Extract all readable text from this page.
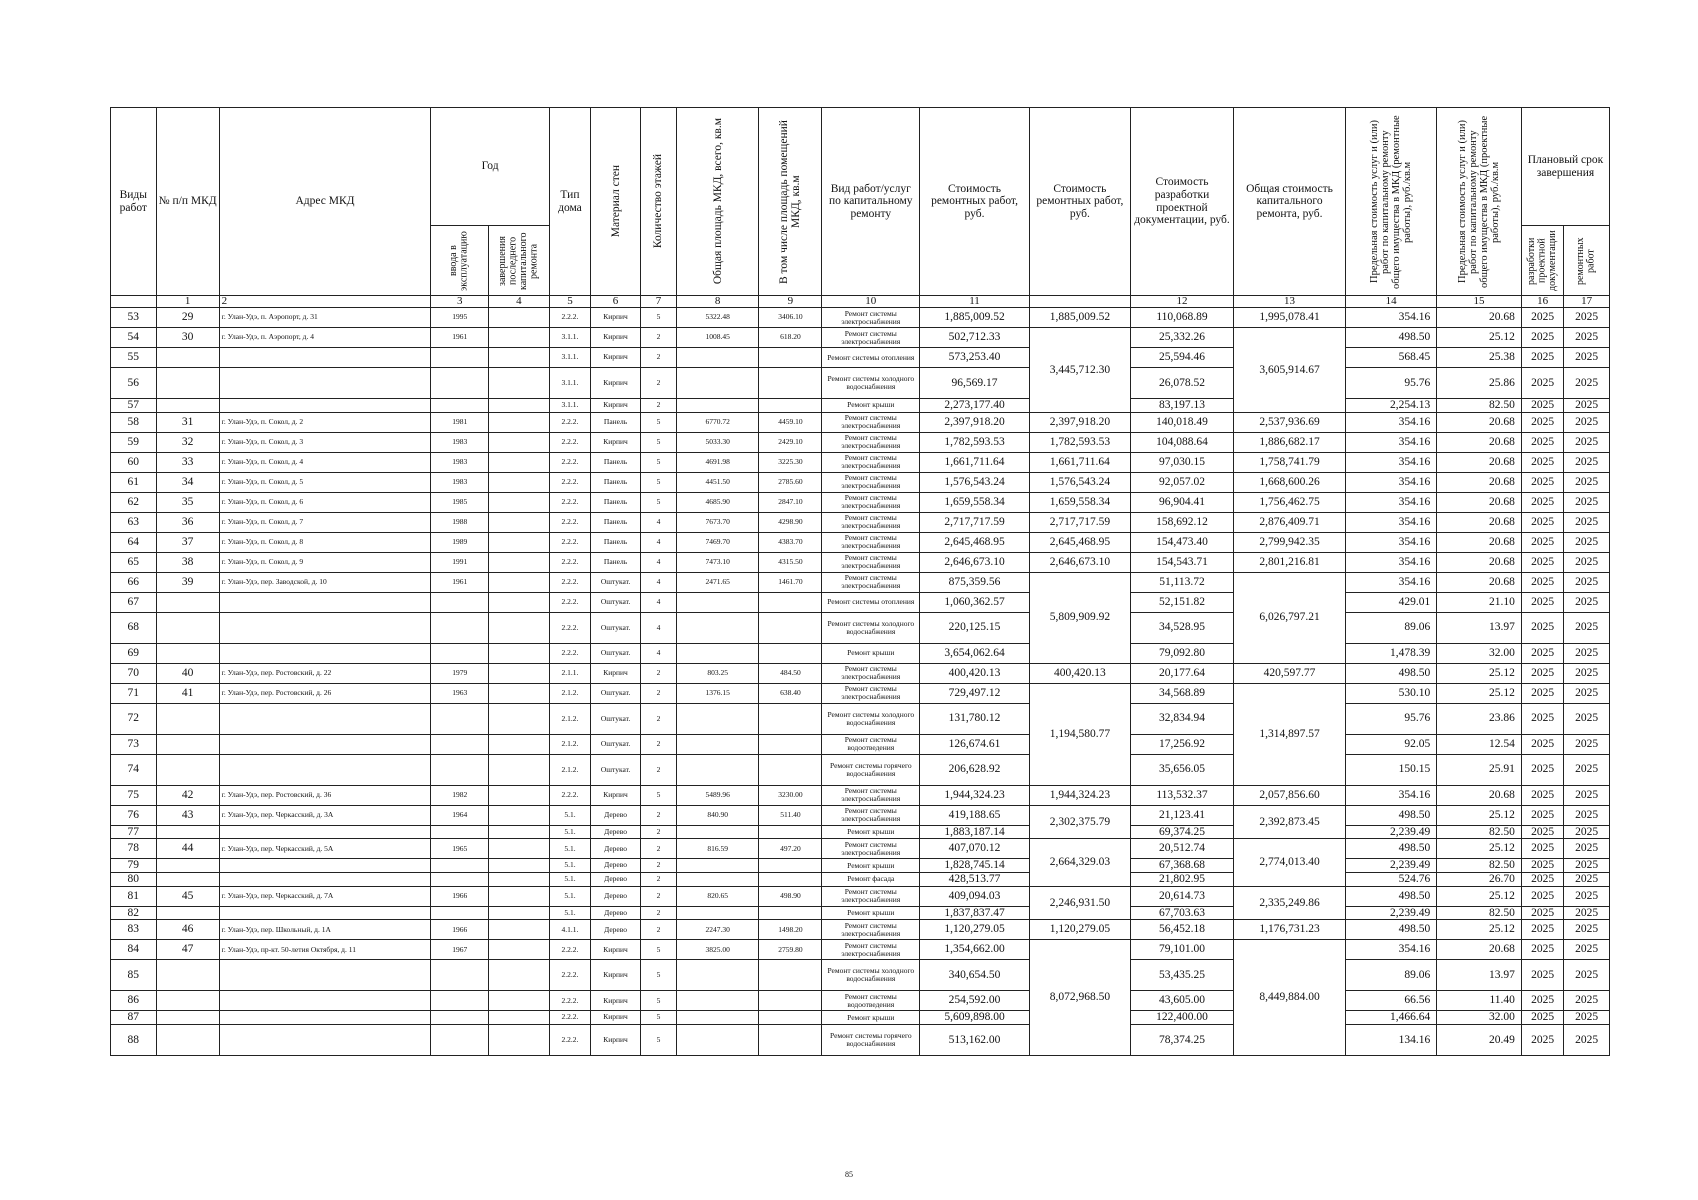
Виды работ	№ п/п МКД	Адрес МКД	Год		Тип дома	Материал стен	Количество этажей	Общая площадь МКД, всего, кв.м	В том числе площадь помещений МКД, кв.м	Вид работ/услуг по капитальному ремонту	Стоимость ремонтных работ, руб.	Стоимость ремонтных работ, руб.	Стоимость разработки проектной документации, руб.	Общая стоимость капитального ремонта, руб.	Предельная стоимость услуг и (или) работ по капитальному ремонту общего имущества в МКД (ремонтные работы), руб./кв.м	Предельная стоимость услуг и (или) работ по капитальному ремонту общего имущества в МКД (проектные работы), руб./кв.м	Плановый срок завершения	

			ввода в эксплуатацию	завершения последнего капитального ремонта													разработки проектной документации	ремонтных работ

	1	2	3	4	5	6	7	8	9	10	11		12	13	14	15	16	17
53	29	г. Улан-Удэ, п. Аэропорт, д. 31	1995		2.2.2.	Кирпич	5	5322.48	3406.10	Ремонт системы электроснабжения	1,885,009.52	1,885,009.52	110,068.89	1,995,078.41	354.16	20.68	2025	2025
54	30	г. Улан-Удэ, п. Аэропорт, д. 4	1961		3.1.1.	Кирпич	2	1008.45	618.20	Ремонт системы электроснабжения	502,712.33	3,445,712.30	25,332.26	3,605,914.67	498.50	25.12	2025	2025
55					3.1.1.	Кирпич	2			Ремонт системы отопления	573,253.40		25,594.46		568.45	25.38	2025	2025
56					3.1.1.	Кирпич	2			Ремонт системы холодного водоснабжения	96,569.17		26,078.52		95.76	25.86	2025	2025
57					3.1.1.	Кирпич	2			Ремонт крыши	2,273,177.40		83,197.13		2,254.13	82.50	2025	2025
58	31	г. Улан-Удэ, п. Сокол, д. 2	1981		2.2.2.	Панель	5	6770.72	4459.10	Ремонт системы электроснабжения	2,397,918.20	2,397,918.20	140,018.49	2,537,936.69	354.16	20.68	2025	2025
59	32	г. Улан-Удэ, п. Сокол, д. 3	1983		2.2.2.	Кирпич	5	5033.30	2429.10	Ремонт системы электроснабжения	1,782,593.53	1,782,593.53	104,088.64	1,886,682.17	354.16	20.68	2025	2025
60	33	г. Улан-Удэ, п. Сокол, д. 4	1983		2.2.2.	Панель	5	4691.98	3225.30	Ремонт системы электроснабжения	1,661,711.64	1,661,711.64	97,030.15	1,758,741.79	354.16	20.68	2025	2025
61	34	г. Улан-Удэ, п. Сокол, д. 5	1983		2.2.2.	Панель	5	4451.50	2785.60	Ремонт системы электроснабжения	1,576,543.24	1,576,543.24	92,057.02	1,668,600.26	354.16	20.68	2025	2025
62	35	г. Улан-Удэ, п. Сокол, д. 6	1985		2.2.2.	Панель	5	4685.90	2847.10	Ремонт системы электроснабжения	1,659,558.34	1,659,558.34	96,904.41	1,756,462.75	354.16	20.68	2025	2025
63	36	г. Улан-Удэ, п. Сокол, д. 7	1988		2.2.2.	Панель	4	7673.70	4298.90	Ремонт системы электроснабжения	2,717,717.59	2,717,717.59	158,692.12	2,876,409.71	354.16	20.68	2025	2025
64	37	г. Улан-Удэ, п. Сокол, д. 8	1989		2.2.2.	Панель	4	7469.70	4383.70	Ремонт системы электроснабжения	2,645,468.95	2,645,468.95	154,473.40	2,799,942.35	354.16	20.68	2025	2025
65	38	г. Улан-Удэ, п. Сокол, д. 9	1991		2.2.2.	Панель	4	7473.10	4315.50	Ремонт системы электроснабжения	2,646,673.10	2,646,673.10	154,543.71	2,801,216.81	354.16	20.68	2025	2025
66	39	г. Улан-Удэ, пер. Заводской, д. 10	1961		2.2.2.	Оштукат.	4	2471.65	1461.70	Ремонт системы электроснабжения	875,359.56	5,809,909.92	51,113.72	6,026,797.21	354.16	20.68	2025	2025
67					2.2.2.	Оштукат.	4			Ремонт системы отопления	1,060,362.57		52,151.82		429.01	21.10	2025	2025
68					2.2.2.	Оштукат.	4			Ремонт системы холодного водоснабжения	220,125.15		34,528.95		89.06	13.97	2025	2025
69					2.2.2.	Оштукат.	4			Ремонт крыши	3,654,062.64		79,092.80		1,478.39	32.00	2025	2025
70	40	г. Улан-Удэ, пер. Ростовский, д. 22	1979		2.1.1.	Кирпич	2	803.25	484.50	Ремонт системы электроснабжения	400,420.13	400,420.13	20,177.64	420,597.77	498.50	25.12	2025	2025
71	41	г. Улан-Удэ, пер. Ростовский, д. 26	1963		2.1.2.	Оштукат.	2	1376.15	638.40	Ремонт системы электроснабжения	729,497.12	1,194,580.77	34,568.89	1,314,897.57	530.10	25.12	2025	2025
72					2.1.2.	Оштукат.	2			Ремонт системы холодного водоснабжения	131,780.12		32,834.94		95.76	23.86	2025	2025
73					2.1.2.	Оштукат.	2			Ремонт системы водоотведения	126,674.61		17,256.92		92.05	12.54	2025	2025
74					2.1.2.	Оштукат.	2			Ремонт системы горячего водоснабжения	206,628.92		35,656.05		150.15	25.91	2025	2025
75	42	г. Улан-Удэ, пер. Ростовский, д. 36	1982		2.2.2.	Кирпич	5	5489.96	3230.00	Ремонт системы электроснабжения	1,944,324.23	1,944,324.23	113,532.37	2,057,856.60	354.16	20.68	2025	2025
76	43	г. Улан-Удэ, пер. Черкасский, д. 3А	1964		5.1.	Дерево	2	840.90	511.40	Ремонт системы электроснабжения	419,188.65	2,302,375.79	21,123.41	2,392,873.45	498.50	25.12	2025	2025
77					5.1.	Дерево	2			Ремонт крыши	1,883,187.14		69,374.25		2,239.49	82.50	2025	2025
78	44	г. Улан-Удэ, пер. Черкасский, д. 5А	1965		5.1.	Дерево	2	816.59	497.20	Ремонт системы электроснабжения	407,070.12	2,664,329.03	20,512.74	2,774,013.40	498.50	25.12	2025	2025
79					5.1.	Дерево	2			Ремонт крыши	1,828,745.14		67,368.68		2,239.49	82.50	2025	2025
80					5.1.	Дерево	2			Ремонт фасада	428,513.77		21,802.95		524.76	26.70	2025	2025
81	45	г. Улан-Удэ, пер. Черкасский, д. 7А	1966		5.1.	Дерево	2	820.65	498.90	Ремонт системы электроснабжения	409,094.03	2,246,931.50	20,614.73	2,335,249.86	498.50	25.12	2025	2025
82					5.1.	Дерево	2			Ремонт крыши	1,837,837.47		67,703.63		2,239.49	82.50	2025	2025
83	46	г. Улан-Удэ, пер. Школьный, д. 1А	1966		4.1.1.	Дерево	2	2247.30	1498.20	Ремонт системы электроснабжения	1,120,279.05	1,120,279.05	56,452.18	1,176,731.23	498.50	25.12	2025	2025
84	47	г. Улан-Удэ, пр-кт. 50-летия Октября, д. 11	1967		2.2.2.	Кирпич	5	3825.00	2759.80	Ремонт системы электроснабжения	1,354,662.00	8,072,968.50	79,101.00	8,449,884.00	354.16	20.68	2025	2025
85					2.2.2.	Кирпич	5			Ремонт системы холодного водоснабжения	340,654.50		53,435.25		89.06	13.97	2025	2025
86					2.2.2.	Кирпич	5			Ремонт системы водоотведения	254,592.00		43,605.00		66.56	11.40	2025	2025
87					2.2.2.	Кирпич	5			Ремонт крыши	5,609,898.00		122,400.00		1,466.64	32.00	2025	2025
88					2.2.2.	Кирпич	5			Ремонт системы горячего водоснабжения	513,162.00		78,374.25		134.16	20.49	2025	2025
85
